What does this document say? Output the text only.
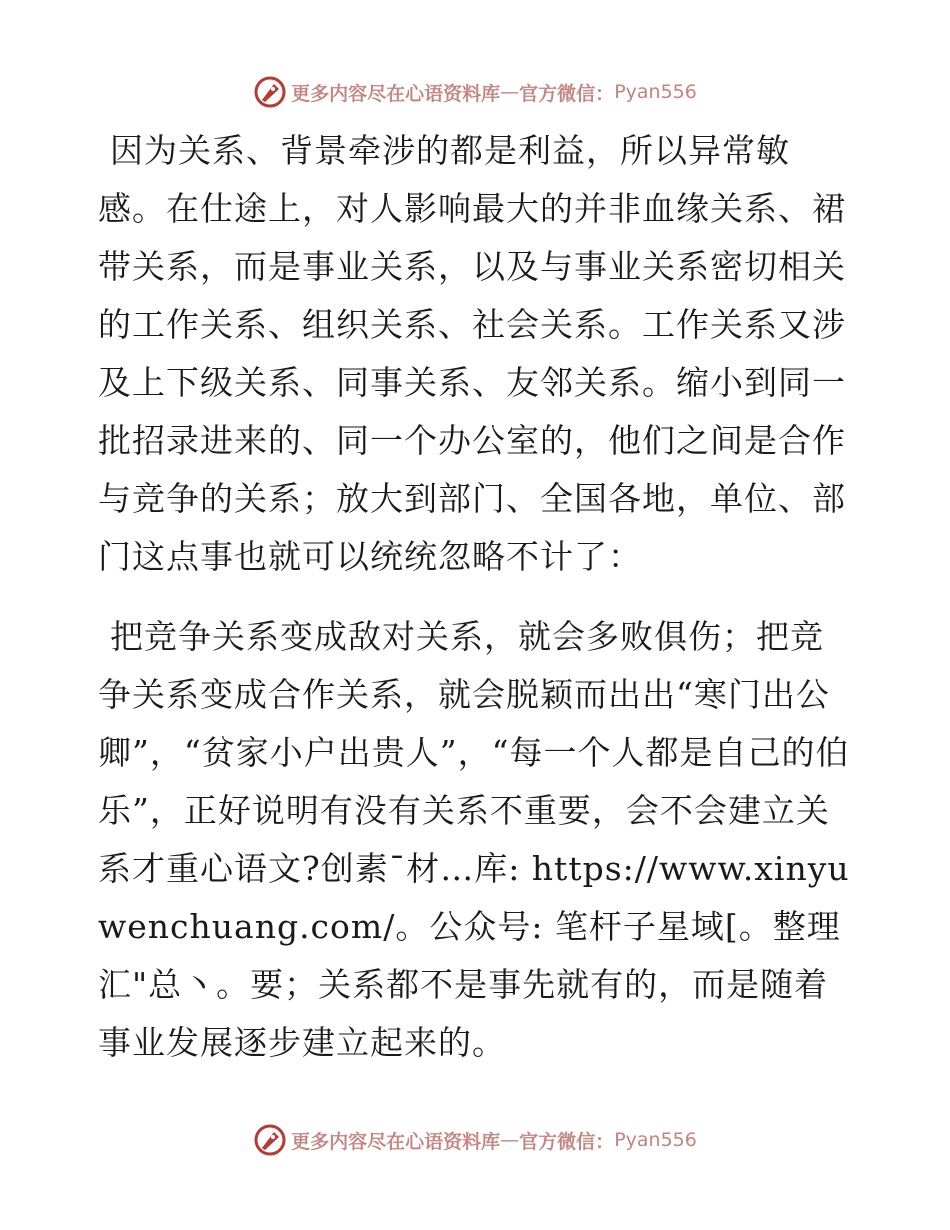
更多内容尽在心语资料库 — 官方微信： Pyan556

因为关系、背景牵涉的都是利益，所以异常敏感。在仕途上，对人影响最大的并非血缘关系、裙带关系，而是事业关系，以及与事业关系密切相关的工作关系、组织关系、社会关系。工作关系又涉及上下级关系、同事关系、友邻关系。缩小到同一批招录进来的、同一个办公室的，他们之间是合作与竞争的关系；放大到部门、全国各地，单位、部门这点事也就可以统统忽略不计了：

把竞争关系变成敌对关系，就会多败俱伤；把竞争关系变成合作关系，就会脱颖而出出“寒门出公卿”，“贫家小户出贵人”，“每一个人都是自己的伯乐”，正好说明有没有关系不重要，会不会建立关系才重心语文?创素¯材…库: https://www.xinyuwenchuang.com/。公众号: 笔杆子星域[。整理汇"总丶。要；关系都不是事先就有的，而是随着事业发展逐步建立起来的。

更多内容尽在心语资料库 — 官方微信： Pyan556
